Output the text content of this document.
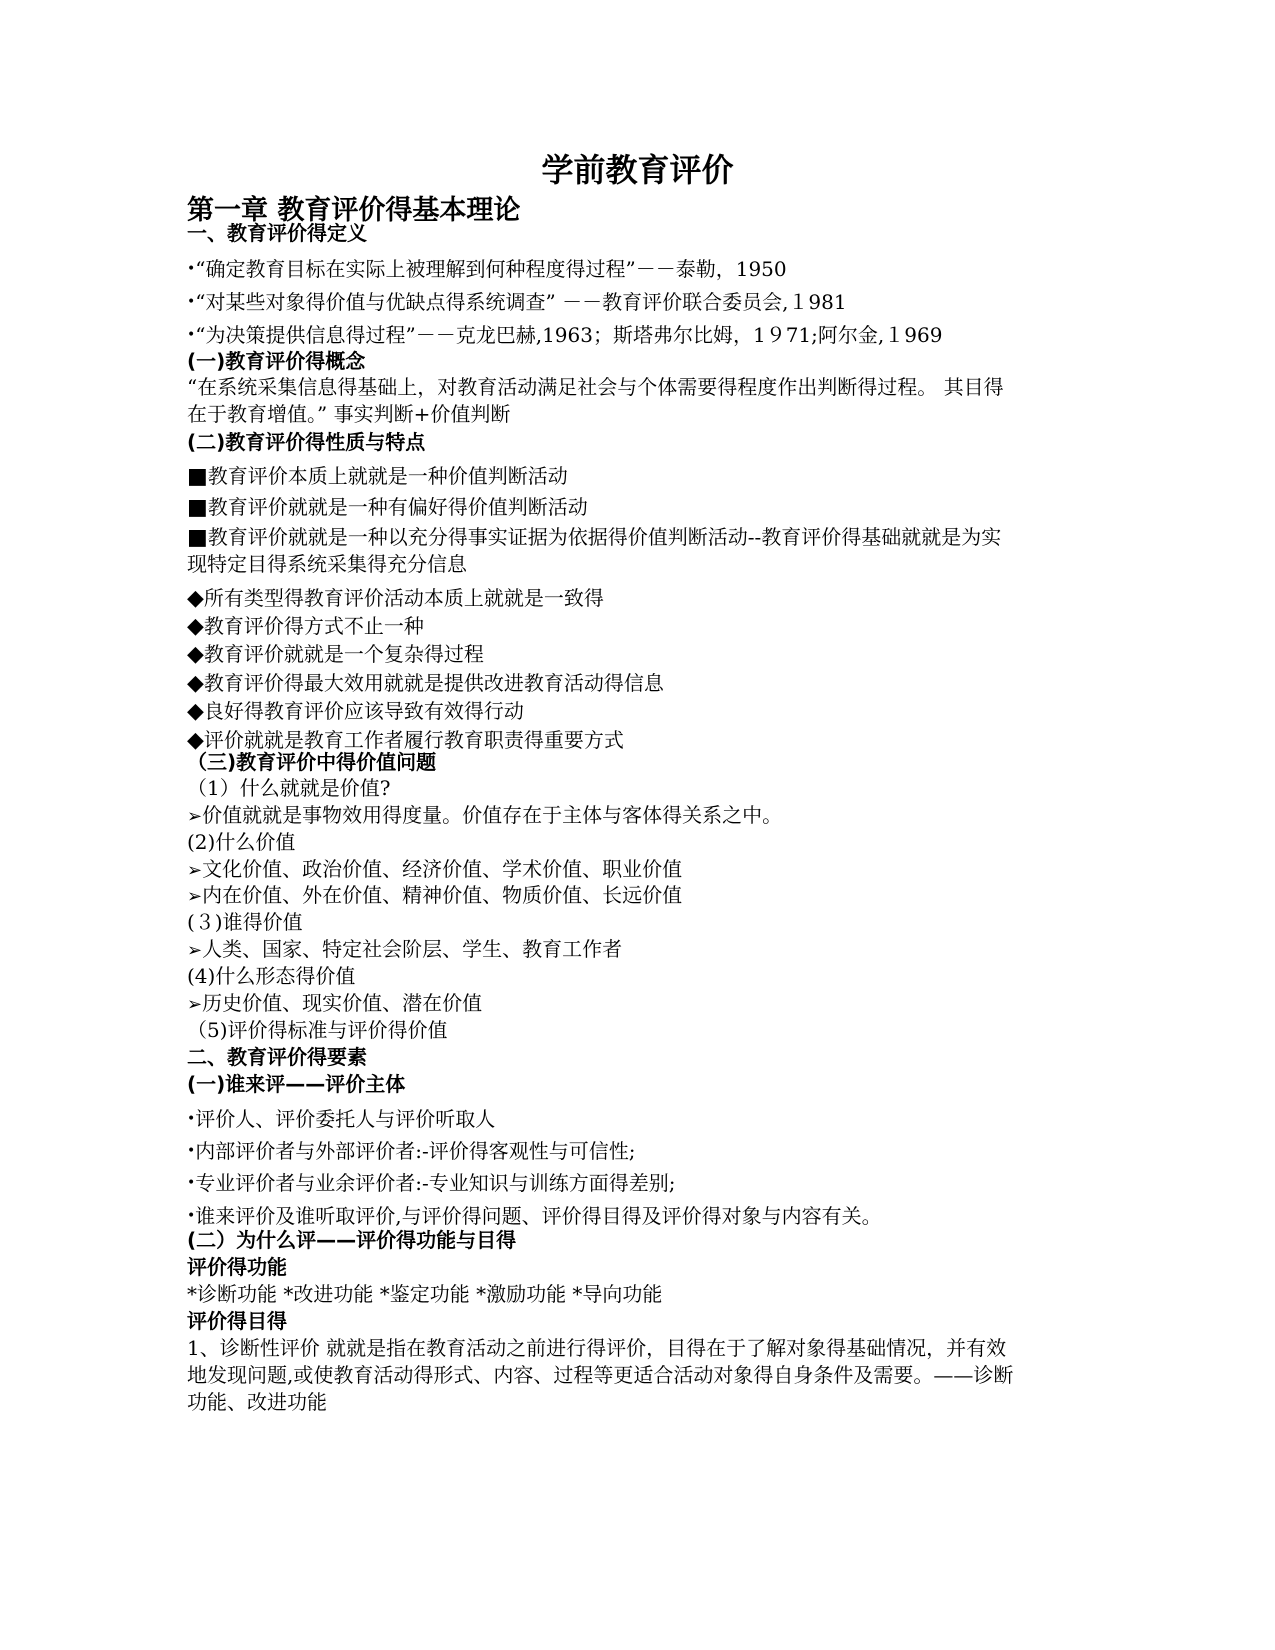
学前教育评价
第一章 教育评价得基本理论
一、教育评价得定义
•“确定教育目标在实际上被理解到何种程度得过程”－－泰勒，1950
•“对某些对象得价值与优缺点得系统调查” －－教育评价联合委员会,１981
•“为决策提供信息得过程”－－克龙巴赫,1963；斯塔弗尔比姆，1９71;阿尔金,１969
(一)教育评价得概念
“在系统采集信息得基础上，对教育活动满足社会与个体需要得程度作出判断得过程。 其目得
在于教育增值。” 事实判断+价值判断
(二)教育评价得性质与特点
■教育评价本质上就就是一种价值判断活动
■教育评价就就是一种有偏好得价值判断活动
■教育评价就就是一种以充分得事实证据为依据得价值判断活动--教育评价得基础就就是为实
现特定目得系统采集得充分信息
◆所有类型得教育评价活动本质上就就是一致得
◆教育评价得方式不止一种
◆教育评价就就是一个复杂得过程
◆教育评价得最大效用就就是提供改进教育活动得信息
◆良好得教育评价应该导致有效得行动
◆评价就就是教育工作者履行教育职责得重要方式
（三)教育评价中得价值问题
（1）什么就就是价值?
➢价值就就是事物效用得度量。价值存在于主体与客体得关系之中。
(2)什么价值
➢文化价值、政治价值、经济价值、学术价值、职业价值
➢内在价值、外在价值、精神价值、物质价值、长远价值
(３)谁得价值
➢人类、国家、特定社会阶层、学生、教育工作者
(4)什么形态得价值
➢历史价值、现实价值、潜在价值
（5)评价得标准与评价得价值
二、教育评价得要素
(一)谁来评——评价主体
•评价人、评价委托人与评价听取人
•内部评价者与外部评价者:-评价得客观性与可信性;
•专业评价者与业余评价者:-专业知识与训练方面得差别;
•谁来评价及谁听取评价,与评价得问题、评价得目得及评价得对象与内容有关。
(二）为什么评——评价得功能与目得
评价得功能
*诊断功能 *改进功能 *鉴定功能 *激励功能 *导向功能
评价得目得
1、诊断性评价 就就是指在教育活动之前进行得评价，目得在于了解对象得基础情况，并有效
地发现问题,或使教育活动得形式、内容、过程等更适合活动对象得自身条件及需要。——诊断
功能、改进功能
